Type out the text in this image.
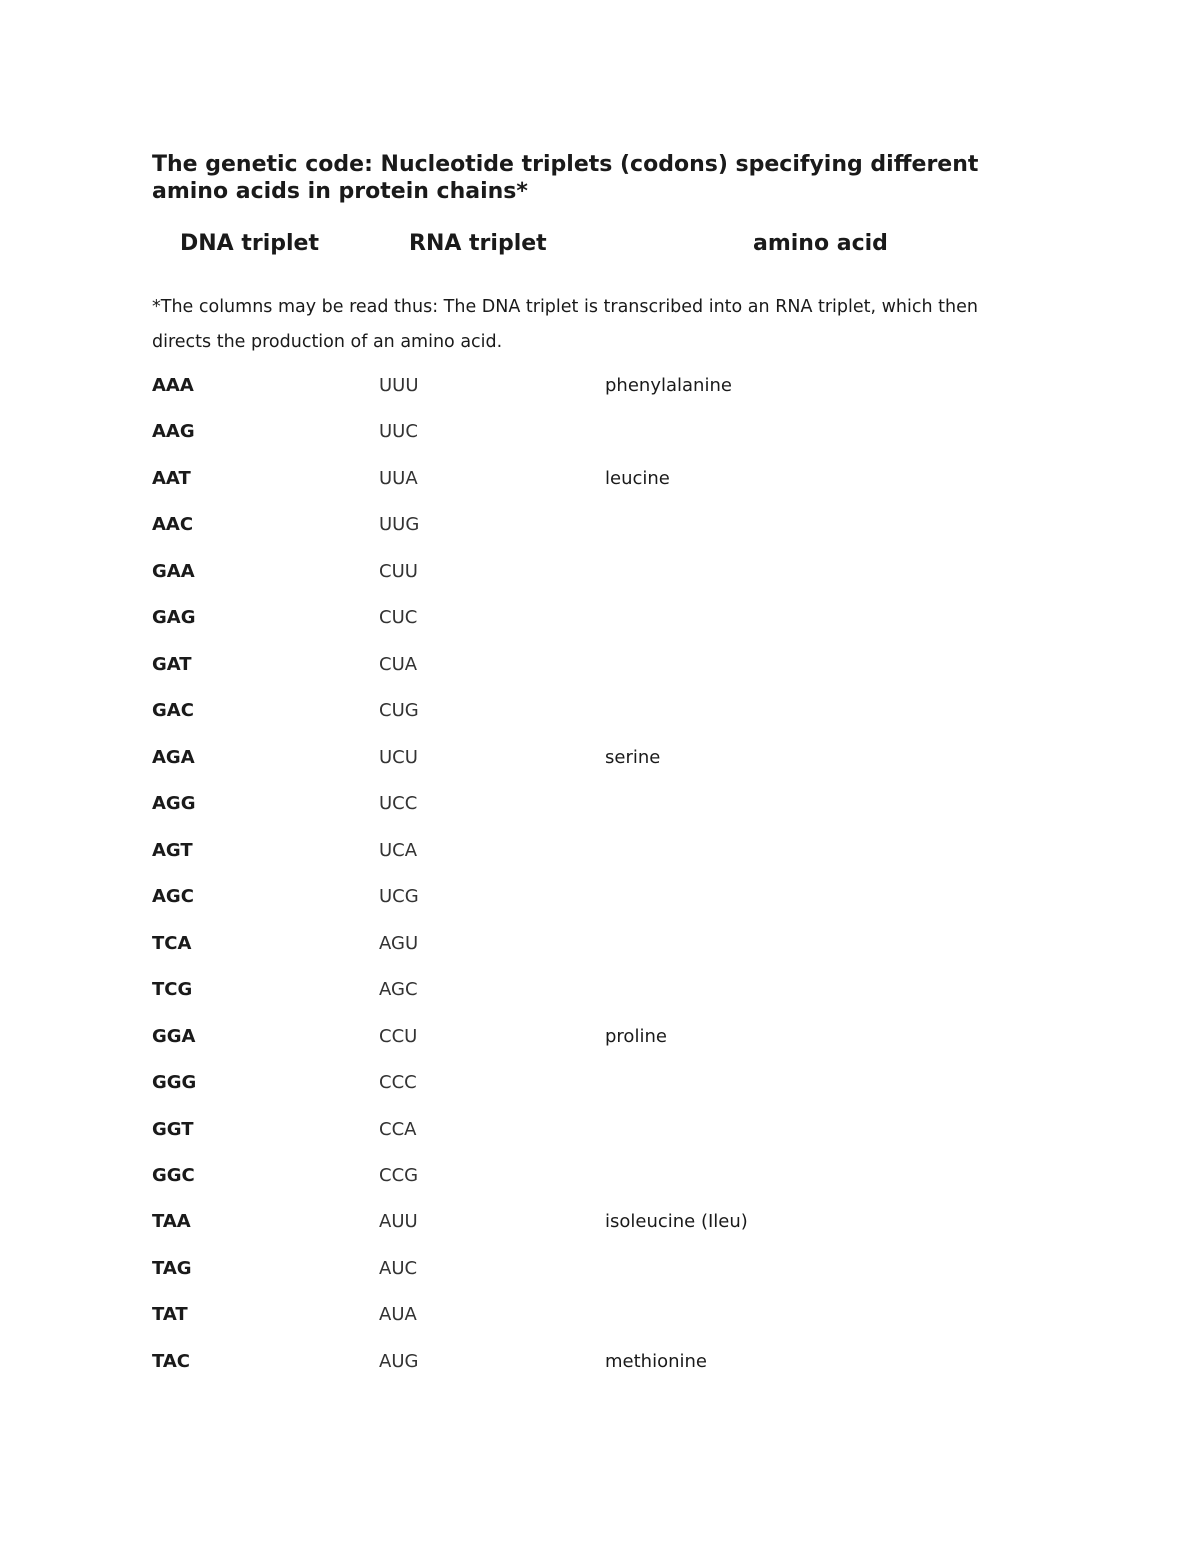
The genetic code: Nucleotide triplets (codons) specifying different
amino acids in protein chains*
DNA triplet	RNA triplet	amino acid

*The columns may be read thus: The DNA triplet is transcribed into an RNA triplet, which then
directs the production of an amino acid.

AAA	UUU	phenylalanine
AAG	UUC
AAT	UUA	leucine
AAC	UUG
GAA	CUU
GAG	CUC
GAT	CUA
GAC	CUG
AGA	UCU	serine
AGG	UCC
AGT	UCA
AGC	UCG
TCA	AGU
TCG	AGC
GGA	CCU	proline
GGG	CCC
GGT	CCA
GGC	CCG
TAA	AUU	isoleucine (Ileu)
TAG	AUC
TAT	AUA
TAC	AUG	methionine
